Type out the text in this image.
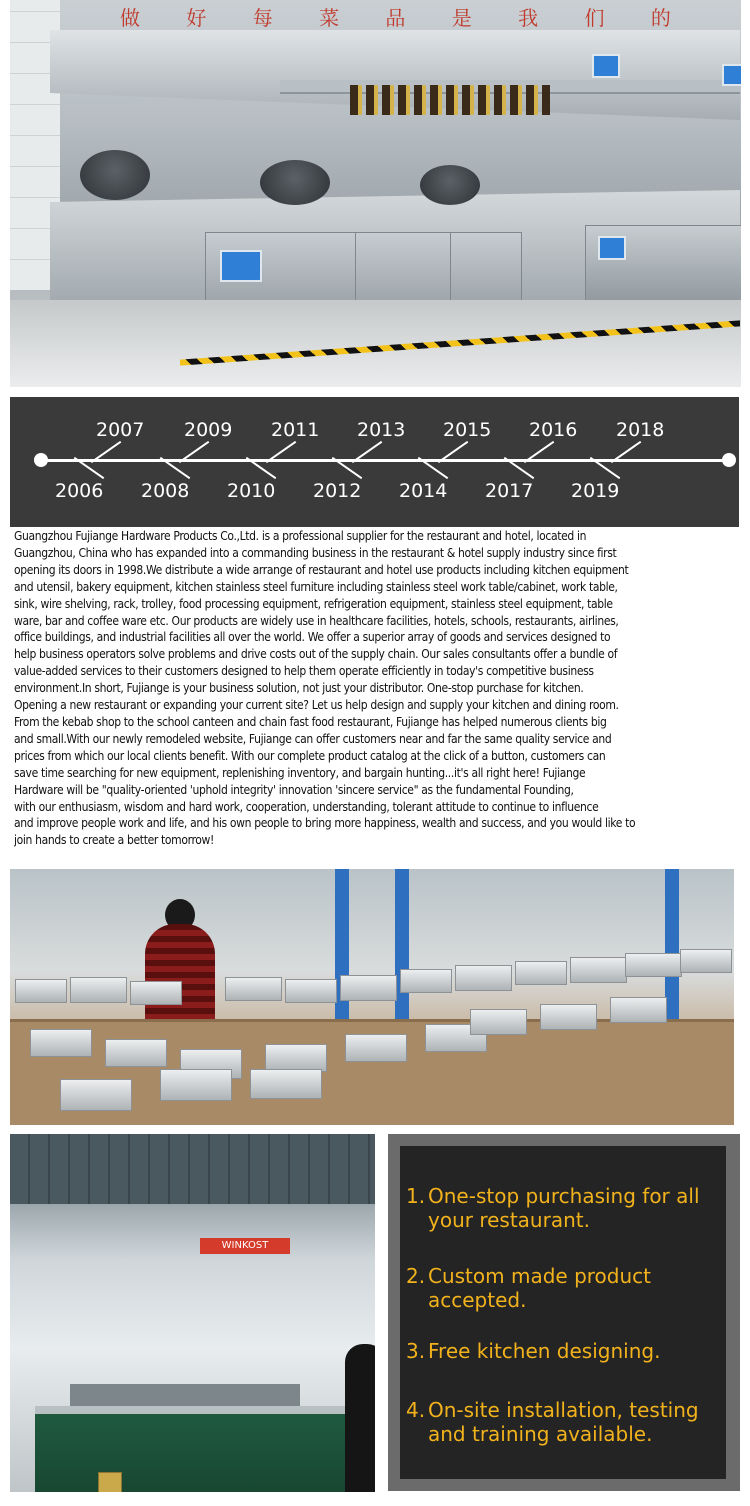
做 好 每 菜 品 是 我 们 的
2007 2009 2011 2013 2015 2016 2018
2006 2008 2010 2012 2014 2017 2019
Guangzhou Fujiange Hardware Products Co.,Ltd. is a professional supplier for the restaurant and hotel, located in
Guangzhou, China who has expanded into a commanding business in the restaurant & hotel supply industry since first
opening its doors in 1998.We distribute a wide arrange of restaurant and hotel use products including kitchen equipment
and utensil, bakery equipment, kitchen stainless steel furniture including stainless steel work table/cabinet, work table,
sink, wire shelving, rack, trolley, food processing equipment, refrigeration equipment, stainless steel equipment, table
ware, bar and coffee ware etc. Our products are widely use in healthcare facilities, hotels, schools, restaurants, airlines,
office buildings, and industrial facilities all over the world. We offer a superior array of goods and services designed to
help business operators solve problems and drive costs out of the supply chain. Our sales consultants offer a bundle of
value-added services to their customers designed to help them operate efficiently in today's competitive business
environment.In short, Fujiange is your business solution, not just your distributor. One-stop purchase for kitchen.
Opening a new restaurant or expanding your current site? Let us help design and supply your kitchen and dining room.
From the kebab shop to the school canteen and chain fast food restaurant, Fujiange has helped numerous clients big
and small.With our newly remodeled website, Fujiange can offer customers near and far the same quality service and
prices from which our local clients benefit. With our complete product catalog at the click of a button, customers can
save time searching for new equipment, replenishing inventory, and bargain hunting...it's all right here! Fujiange
Hardware will be "quality-oriented 'uphold integrity' innovation 'sincere service" as the fundamental Founding,
with our enthusiasm, wisdom and hard work, cooperation, understanding, tolerant attitude to continue to influence
and improve people work and life, and his own people to bring more happiness, wealth and success, and you would like to
join hands to create a better tomorrow!
WINKOST
1. One-stop purchasing for all your restaurant.
2. Custom made product accepted.
3. Free kitchen designing.
4. On-site installation, testing and training available.
